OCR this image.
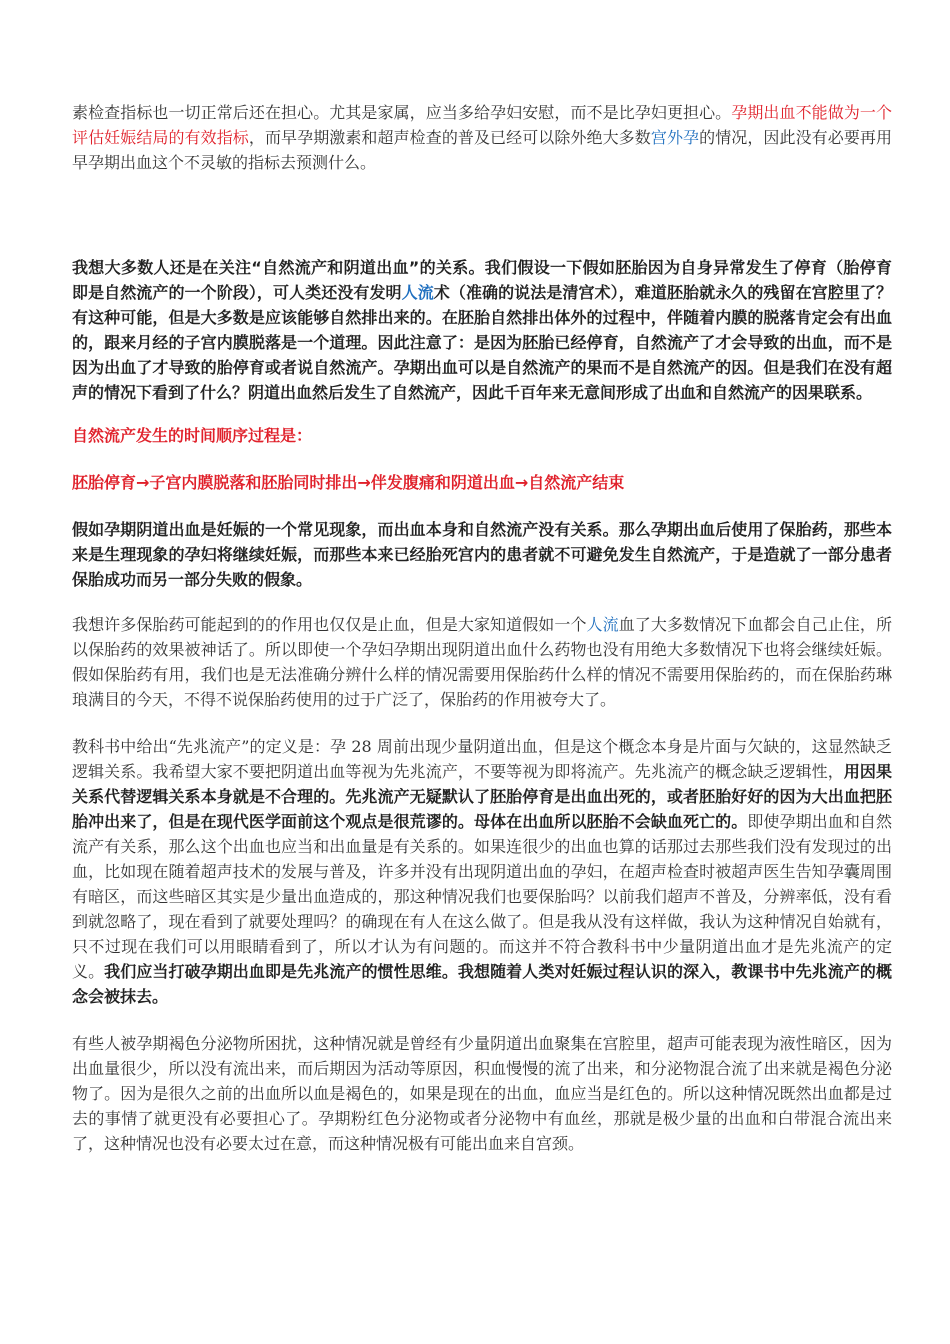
素检查指标也一切正常后还在担心。尤其是家属，应当多给孕妇安慰，而不是比孕妇更担心。孕期出血不能做为一个评估妊娠结局的有效指标，而早孕期激素和超声检查的普及已经可以除外绝大多数宫外孕的情况，因此没有必要再用早孕期出血这个不灵敏的指标去预测什么。

我想大多数人还是在关注“自然流产和阴道出血”的关系。我们假设一下假如胚胎因为自身异常发生了停育（胎停育即是自然流产的一个阶段），可人类还没有发明人流术（准确的说法是清宫术），难道胚胎就永久的残留在宫腔里了？有这种可能，但是大多数是应该能够自然排出来的。在胚胎自然排出体外的过程中，伴随着内膜的脱落肯定会有出血的，跟来月经的子宫内膜脱落是一个道理。因此注意了：是因为胚胎已经停育，自然流产了才会导致的出血，而不是因为出血了才导致的胎停育或者说自然流产。孕期出血可以是自然流产的果而不是自然流产的因。但是我们在没有超声的情况下看到了什么？阴道出血然后发生了自然流产，因此千百年来无意间形成了出血和自然流产的因果联系。

自然流产发生的时间顺序过程是：

胚胎停育→子宫内膜脱落和胚胎同时排出→伴发腹痛和阴道出血→自然流产结束

假如孕期阴道出血是妊娠的一个常见现象，而出血本身和自然流产没有关系。那么孕期出血后使用了保胎药，那些本来是生理现象的孕妇将继续妊娠，而那些本来已经胎死宫内的患者就不可避免发生自然流产，于是造就了一部分患者保胎成功而另一部分失败的假象。

我想许多保胎药可能起到的的作用也仅仅是止血，但是大家知道假如一个人流血了大多数情况下血都会自己止住，所以保胎药的效果被神话了。所以即使一个孕妇孕期出现阴道出血什么药物也没有用绝大多数情况下也将会继续妊娠。假如保胎药有用，我们也是无法准确分辨什么样的情况需要用保胎药什么样的情况不需要用保胎药的，而在保胎药琳琅满目的今天，不得不说保胎药使用的过于广泛了，保胎药的作用被夸大了。

教科书中给出“先兆流产”的定义是：孕 28 周前出现少量阴道出血，但是这个概念本身是片面与欠缺的，这显然缺乏逻辑关系。我希望大家不要把阴道出血等视为先兆流产，不要等视为即将流产。先兆流产的概念缺乏逻辑性，用因果关系代替逻辑关系本身就是不合理的。先兆流产无疑默认了胚胎停育是出血出死的，或者胚胎好好的因为大出血把胚胎冲出来了，但是在现代医学面前这个观点是很荒谬的。母体在出血所以胚胎不会缺血死亡的。即使孕期出血和自然流产有关系，那么这个出血也应当和出血量是有关系的。如果连很少的出血也算的话那过去那些我们没有发现过的出血，比如现在随着超声技术的发展与普及，许多并没有出现阴道出血的孕妇，在超声检查时被超声医生告知孕囊周围有暗区，而这些暗区其实是少量出血造成的，那这种情况我们也要保胎吗？以前我们超声不普及，分辨率低，没有看到就忽略了，现在看到了就要处理吗？的确现在有人在这么做了。但是我从没有这样做，我认为这种情况自始就有，只不过现在我们可以用眼睛看到了，所以才认为有问题的。而这并不符合教科书中少量阴道出血才是先兆流产的定义。我们应当打破孕期出血即是先兆流产的惯性思维。我想随着人类对妊娠过程认识的深入，教课书中先兆流产的概念会被抹去。

有些人被孕期褐色分泌物所困扰，这种情况就是曾经有少量阴道出血聚集在宫腔里，超声可能表现为液性暗区，因为出血量很少，所以没有流出来，而后期因为活动等原因，积血慢慢的流了出来，和分泌物混合流了出来就是褐色分泌物了。因为是很久之前的出血所以血是褐色的，如果是现在的出血，血应当是红色的。所以这种情况既然出血都是过去的事情了就更没有必要担心了。孕期粉红色分泌物或者分泌物中有血丝，那就是极少量的出血和白带混合流出来了，这种情况也没有必要太过在意，而这种情况极有可能出血来自宫颈。
